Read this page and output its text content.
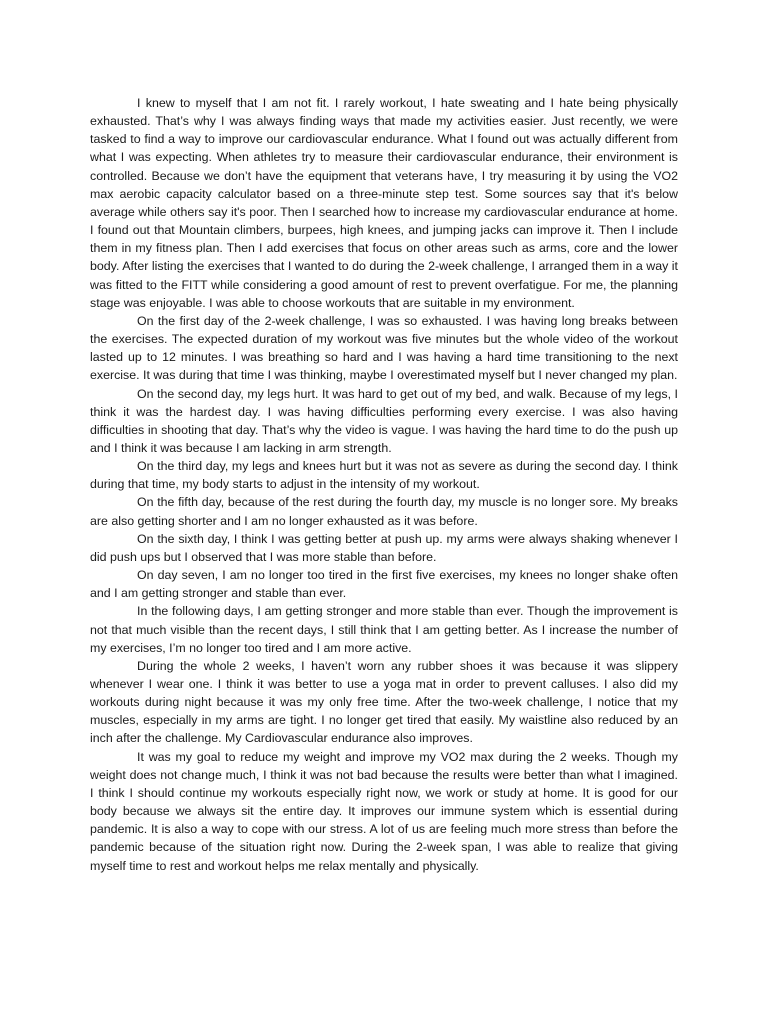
I knew to myself that I am not fit. I rarely workout, I hate sweating and I hate being physically exhausted. That’s why I was always finding ways that made my activities easier. Just recently, we were tasked to find a way to improve our cardiovascular endurance. What I found out was actually different from what I was expecting. When athletes try to measure their cardiovascular endurance, their environment is controlled. Because we don’t have the equipment that veterans have, I try measuring it by using the VO2 max aerobic capacity calculator based on a three-minute step test. Some sources say that it's below average while others say it's poor. Then I searched how to increase my cardiovascular endurance at home. I found out that Mountain climbers, burpees, high knees, and jumping jacks can improve it. Then I include them in my fitness plan. Then I add exercises that focus on other areas such as arms, core and the lower body. After listing the exercises that I wanted to do during the 2-week challenge, I arranged them in a way it was fitted to the FITT while considering a good amount of rest to prevent overfatigue. For me, the planning stage was enjoyable. I was able to choose workouts that are suitable in my environment.

On the first day of the 2-week challenge, I was so exhausted. I was having long breaks between the exercises. The expected duration of my workout was five minutes but the whole video of the workout lasted up to 12 minutes. I was breathing so hard and I was having a hard time transitioning to the next exercise. It was during that time I was thinking, maybe I overestimated myself but I never changed my plan.

On the second day, my legs hurt. It was hard to get out of my bed, and walk. Because of my legs, I think it was the hardest day. I was having difficulties performing every exercise. I was also having difficulties in shooting that day. That’s why the video is vague. I was having the hard time to do the push up and I think it was because I am lacking in arm strength.

On the third day, my legs and knees hurt but it was not as severe as during the second day. I think during that time, my body starts to adjust in the intensity of my workout.

On the fifth day, because of the rest during the fourth day, my muscle is no longer sore. My breaks are also getting shorter and I am no longer exhausted as it was before.

On the sixth day, I think I was getting better at push up. my arms were always shaking whenever I did push ups but I observed that I was more stable than before.

On day seven, I am no longer too tired in the first five exercises, my knees no longer shake often and I am getting stronger and stable than ever.

In the following days, I am getting stronger and more stable than ever. Though the improvement is not that much visible than the recent days, I still think that I am getting better. As I increase the number of my exercises, I’m no longer too tired and I am more active.

During the whole 2 weeks, I haven’t worn any rubber shoes it was because it was slippery whenever I wear one. I think it was better to use a yoga mat in order to prevent calluses. I also did my workouts during night because it was my only free time. After the two-week challenge, I notice that my muscles, especially in my arms are tight. I no longer get tired that easily. My waistline also reduced by an inch after the challenge. My Cardiovascular endurance also improves.

It was my goal to reduce my weight and improve my VO2 max during the 2 weeks. Though my weight does not change much, I think it was not bad because the results were better than what I imagined. I think I should continue my workouts especially right now, we work or study at home. It is good for our body because we always sit the entire day. It improves our immune system which is essential during pandemic. It is also a way to cope with our stress. A lot of us are feeling much more stress than before the pandemic because of the situation right now. During the 2-week span, I was able to realize that giving myself time to rest and workout helps me relax mentally and physically.
